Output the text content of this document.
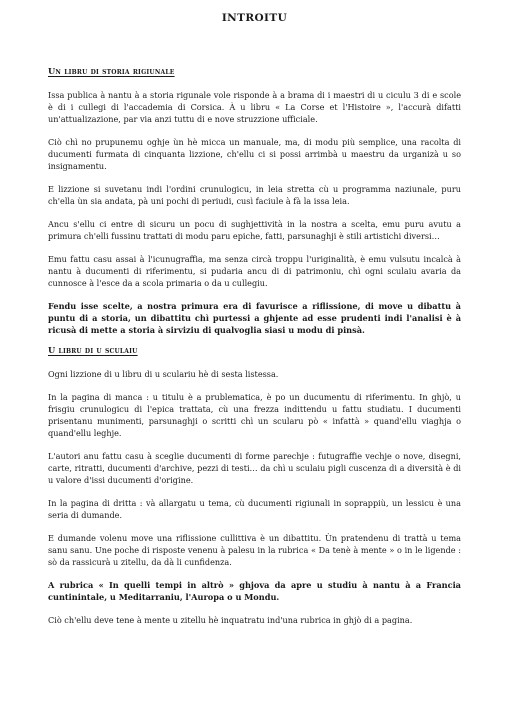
INTROITU
Un libru di storia rigiunale

Issa publica à nantu à a storia rigunale vole risponde à a brama di i maestri di u ciculu 3 di e scole è di i cullegi di l'accademia di Corsica. À u libru « La Corse et l'Histoire », l'accurà difatti un'attualizazione, par via anzi tuttu di e nove struzzione ufficiale.

Ciò chì no prupunemu oghje ùn hè micca un manuale, ma, di modu più semplice, una racolta di ducumenti furmata di cinquanta lizzione, ch'ellu ci si possi arrimbà u maestru da urganizà u so insignamentu.

E lizzione si suvetanu indi l'ordini crunulogicu, in leia stretta cù u programma naziunale, puru ch'ella ùn sia andata, pà uni pochi di periudi, cusì faciule à fà la issa leia.

Ancu s'ellu ci entre di sicuru un pocu di sughjettività in la nostra a scelta, emu puru avutu a primura ch'elli fussinu trattati di modu paru epiche, fatti, parsunaghji è stili artistichi diversi…

Emu fattu casu assai à l'icunugraffia, ma senza circà troppu l'uriginalità, è emu vulsutu incalcà à nantu à ducumenti di riferimentu, si pudaria ancu di di patrimoniu, chì ogni sculaiu avaria da cunnosce à l'esce da a scola primaria o da u cullegiu.

Fendu isse scelte, a nostra primura era di favurisce a riflissione, di move u dibattu à puntu di a storia, un dibattitu chì purtessi a ghjente ad esse prudenti indi l'analisi è à ricusà di mette a storia à sirviziu di qualvoglia siasi u modu di pinsà.

U libru di u sculaiu

Ogni lizzione di u libru di u sculariu hè di sesta listessa.

In la pagina di manca : u titulu è a prublematica, è po un ducumentu di riferimentu. In ghjò, u frisgiu crunulogicu di l'epica trattata, cù una frezza indittendu u fattu studiatu. I ducumenti prisentanu munimenti, parsunaghji o scritti chì un scularu pò « infattà » quand'ellu viaghja o quand'ellu leghje.

L'autori anu fattu casu à sceglie ducumenti di forme parechje : futugraffie vechje o nove, disegni, carte, ritratti, ducumenti d'archive, pezzi di testi… da chì u sculaiu pigli cuscenza di a diversità è di u valore d'issi ducumenti d'origine.

In la pagina di dritta : và allargatu u tema, cù ducumenti rigiunali in soprappiù, un lessicu è una seria di dumande.

E dumande volenu move una riflissione cullittiva è un dibattitu. Ùn pratendenu di trattà u tema sanu sanu. Une poche di risposte venenu à palesu in la rubrica « Da tenè à mente » o in le ligende : sò da rassicurà u zitellu, da dà li cunfidenza.

A rubrica « In quelli tempi in altrò » ghjova da apre u studiu à nantu à a Francia cuntinintale, u Meditarraniu, l'Auropa o u Mondu.

Ciò ch'ellu deve tene à mente u zitellu hè inquatratu ind'una rubrica in ghjò di a pagina.
